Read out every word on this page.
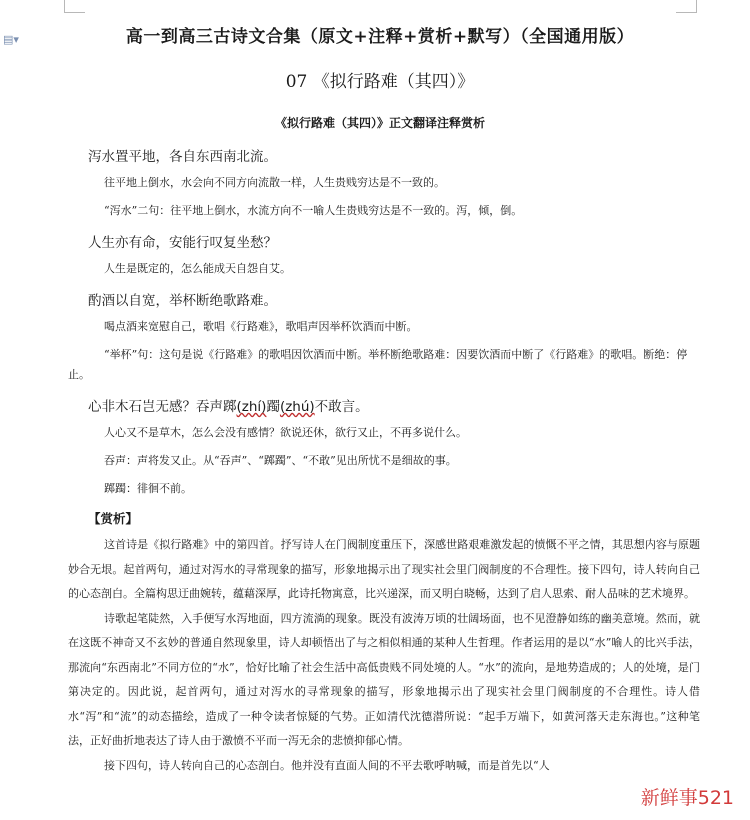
▤▾	高一到高三古诗文合集（原文+注释+赏析+默写）（全国通用版）
07 《拟行路难（其四）》
《拟行路难（其四）》正文翻译注释赏析
泻水置平地，各自东西南北流。
往平地上倒水，水会向不同方向流散一样，人生贵贱穷达是不一致的。
“泻水”二句：往平地上倒水，水流方向不一喻人生贵贱穷达是不一致的。泻，倾，倒。
人生亦有命，安能行叹复坐愁？
人生是既定的，怎么能成天自怨自艾。
酌酒以自宽，举杯断绝歌路难。
喝点酒来宽慰自己，歌唱《行路难》，歌唱声因举杯饮酒而中断。
“举杯”句：这句是说《行路难》的歌唱因饮酒而中断。举杯断绝歌路难：因要饮酒而中断了《行路难》的歌唱。断绝：停止。
心非木石岂无感？吞声踯(zhí)躅(zhú)不敢言。
人心又不是草木，怎么会没有感情？欲说还休，欲行又止，不再多说什么。
吞声：声将发又止。从“吞声”、“踯躅”、“不敢”见出所忧不是细故的事。
踯躅：徘徊不前。
【赏析】
这首诗是《拟行路难》中的第四首。抒写诗人在门阀制度重压下，深感世路艰难激发起的愤慨不平之情，其思想内容与原题妙合无垠。起首两句，通过对泻水的寻常现象的描写，形象地揭示出了现实社会里门阀制度的不合理性。接下四句，诗人转向自己的心态剖白。全篇构思迂曲婉转，蕴藉深厚，此诗托物寓意，比兴递深，而又明白晓畅，达到了启人思索、耐人品味的艺术境界。
诗歌起笔陡然，入手便写水泻地面，四方流淌的现象。既没有波涛万顷的壮阔场面，也不见澄静如练的幽美意境。然而，就在这既不神奇又不玄妙的普通自然现象里，诗人却顿悟出了与之相似相通的某种人生哲理。作者运用的是以“水”喻人的比兴手法，那流向“东西南北”不同方位的“水”，恰好比喻了社会生活中高低贵贱不同处境的人。“水”的流向，是地势造成的；人的处境，是门第决定的。因此说，起首两句，通过对泻水的寻常现象的描写，形象地揭示出了现实社会里门阀制度的不合理性。诗人借水“泻”和“流”的动态描绘，造成了一种令读者惊疑的气势。正如清代沈德潜所说：“起手万端下，如黄河落天走东海也。”这种笔法，正好曲折地表达了诗人由于激愤不平而一泻无余的悲愤抑郁心情。
接下四句，诗人转向自己的心态剖白。他并没有直面人间的不平去歌呼呐喊，而是首先以“人
新鲜事521
